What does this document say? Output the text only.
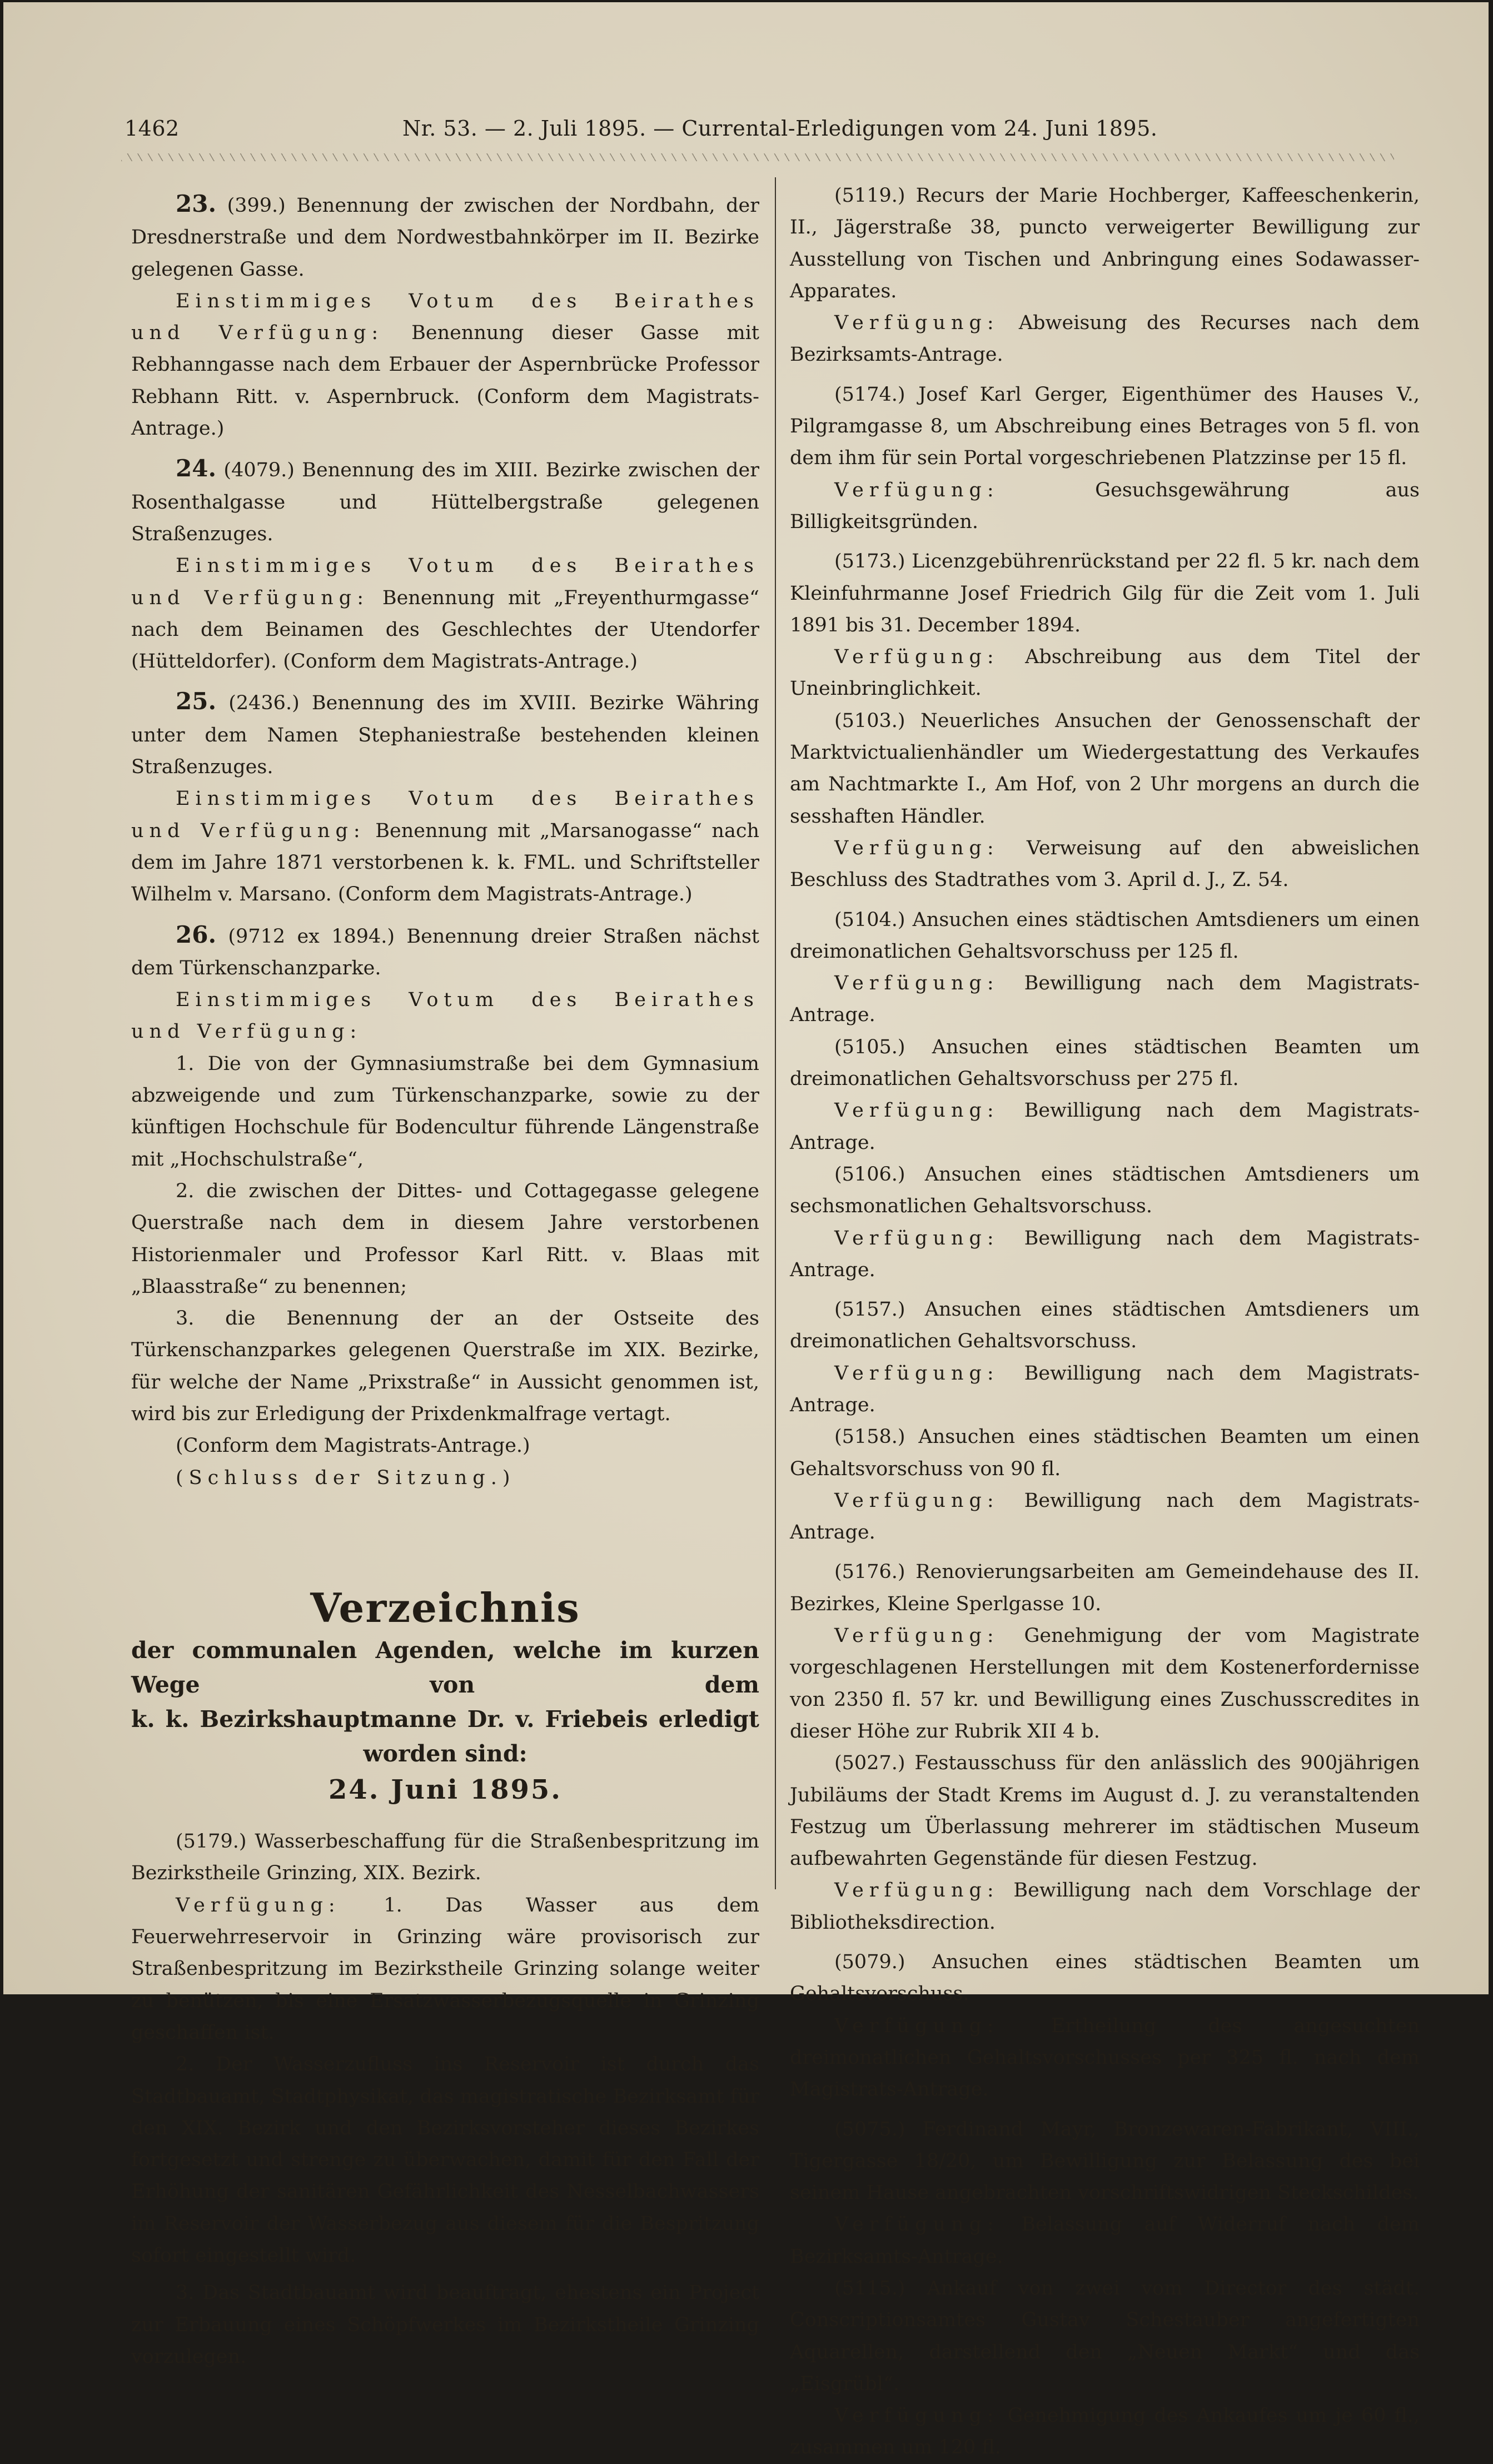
1462	Nr. 53. — 2. Juli 1895. — Currental-Erledigungen vom 24. Juni 1895.

23. (399.) Benennung der zwischen der Nordbahn, der Dresdnerstraße und dem Nordwestbahnkörper im II. Bezirke gelegenen Gasse.

Einstimmiges Votum des Beirathes und Verfügung: Benennung dieser Gasse mit Rebhanngasse nach dem Erbauer der Aspernbrücke Professor Rebhann Ritt. v. Aspernbruck. (Conform dem Magistrats-Antrage.)

24. (4079.) Benennung des im XIII. Bezirke zwischen der Rosenthalgasse und Hüttelbergstraße gelegenen Straßenzuges.

Einstimmiges Votum des Beirathes und Verfügung: Benennung mit „Freyenthurmgasse“ nach dem Beinamen des Geschlechtes der Utendorfer (Hütteldorfer). (Conform dem Magistrats-Antrage.)

25. (2436.) Benennung des im XVIII. Bezirke Währing unter dem Namen Stephaniestraße bestehenden kleinen Straßenzuges.

Einstimmiges Votum des Beirathes und Verfügung: Benennung mit „Marsanogasse“ nach dem im Jahre 1871 verstorbenen k. k. FML. und Schriftsteller Wilhelm v. Marsano. (Conform dem Magistrats-Antrage.)

26. (9712 ex 1894.) Benennung dreier Straßen nächst dem Türkenschanzparke.

Einstimmiges Votum des Beirathes und Verfügung:

1. Die von der Gymnasiumstraße bei dem Gymnasium abzweigende und zum Türkenschanzparke, sowie zu der künftigen Hochschule für Bodencultur führende Längenstraße mit „Hochschulstraße“,

2. die zwischen der Dittes- und Cottagegasse gelegene Querstraße nach dem in diesem Jahre verstorbenen Historienmaler und Professor Karl Ritt. v. Blaas mit „Blaasstraße“ zu benennen;

3. die Benennung der an der Ostseite des Türkenschanzparkes gelegenen Querstraße im XIX. Bezirke, für welche der Name „Prixstraße“ in Aussicht genommen ist, wird bis zur Erledigung der Prixdenkmalfrage vertagt.

(Conform dem Magistrats-Antrage.)

(Schluss der Sitzung.)

Verzeichnis
der communalen Agenden, welche im kurzen Wege von dem
k. k. Bezirkshauptmanne Dr. v. Friebeis erledigt worden sind:
24. Juni 1895.

(5179.) Wasserbeschaffung für die Straßenbespritzung im Bezirkstheile Grinzing, XIX. Bezirk.

Verfügung: 1. Das Wasser aus dem Feuerwehrreservoir in Grinzing wäre provisorisch zur Straßenbespritzung im Bezirkstheile Grinzing solange weiter zu benützen, bis eine Ersatzwasserbezugsquelle in Grinzing geschaffen ist.

2. Der Wasserzufluss ins Reservoir ist durch das Stadtbauamt, Stadtphysikat, das magistratische Bezirksamt für den XIX. Bezirk und den Bezirksvorsteher dieses Bezirkes fortgesetzt und strenge zu überwachen, damit für den Fall der Erhöhung der sanitären Gefährlichkeit des Nesselbachwassers im Reservoir der Wasserbezug aus diesem für die Bespritzung sofort eingestellt wird.

3. Das Stadtbauamt wird beauftragt, ehestens ein Project zur Erbauung eines Schöpfwerkes im Bezirkstheile Grinzing vorzulegen.

(5119.) Recurs der Marie Hochberger, Kaffeeschenkerin, II., Jägerstraße 38, puncto verweigerter Bewilligung zur Ausstellung von Tischen und Anbringung eines Sodawasser-Apparates.

Verfügung: Abweisung des Recurses nach dem Bezirksamts-Antrage.

(5174.) Josef Karl Gerger, Eigenthümer des Hauses V., Pilgramgasse 8, um Abschreibung eines Betrages von 5 fl. von dem ihm für sein Portal vorgeschriebenen Platzzinse per 15 fl.

Verfügung:	Gesuchsgewährung aus Billigkeitsgründen.

(5173.) Licenzgebührenrückstand per 22 fl. 5 kr. nach dem Kleinfuhrmanne Josef Friedrich Gilg für die Zeit vom 1. Juli 1891 bis 31. December 1894.

Verfügung: Abschreibung aus dem Titel der Uneinbringlichkeit.

(5103.) Neuerliches Ansuchen der Genossenschaft der Marktvictualienhändler um Wiedergestattung des Verkaufes am Nachtmarkte I., Am Hof, von 2 Uhr morgens an durch die sesshaften Händler.

Verfügung: Verweisung auf den abweislichen Beschluss des Stadtrathes vom 3. April d. J., Z. 54.

(5104.) Ansuchen eines städtischen Amtsdieners um einen dreimonatlichen Gehaltsvorschuss per 125 fl.

Verfügung: Bewilligung nach dem Magistrats-Antrage.

(5105.) Ansuchen eines städtischen Beamten um dreimonatlichen Gehaltsvorschuss per 275 fl.

Verfügung: Bewilligung nach dem Magistrats-Antrage.

(5106.) Ansuchen eines städtischen Amtsdieners um sechsmonatlichen Gehaltsvorschuss.

Verfügung: Bewilligung nach dem Magistrats-Antrage.

(5157.) Ansuchen eines städtischen Amtsdieners um dreimonatlichen Gehaltsvorschuss.

Verfügung: Bewilligung nach dem Magistrats-Antrage.

(5158.) Ansuchen eines städtischen Beamten um einen Gehaltsvorschuss von 90 fl.

Verfügung: Bewilligung nach dem Magistrats-Antrage.

(5176.) Renovierungsarbeiten am Gemeindehause des II. Bezirkes, Kleine Sperlgasse 10.

Verfügung: Genehmigung der vom Magistrate vorgeschlagenen Herstellungen mit dem Kostenerfordernisse von 2350 fl. 57 kr. und Bewilligung eines Zuschusscredites in dieser Höhe zur Rubrik XII 4 b.

(5027.) Festausschuss für den anlässlich des 900jährigen Jubiläums der Stadt Krems im August d. J. zu veranstaltenden Festzug um Überlassung mehrerer im städtischen Museum aufbewahrten Gegenstände für diesen Festzug.

Verfügung: Bewilligung nach dem Vorschlage der Bibliotheksdirection.

(5079.) Ansuchen eines städtischen Beamten um Gehaltsvorschuss.

Verfügung:	Ertheilung des angesuchten dreimonatlichen Gehaltsvorschusses per 325 fl. nach dem Magistrats-Antrage.

(5075.) Ferdinand Mayr, Bronzewaren-Fabrikant, VIII., Tigergasse 18/20, um Bewilligung zur Belassung des bei seinem Hause angebrachten vorschriftswidrigen Steckschildes.

Verfügung: Belassung auf Widerruf nach dem Bezirksamts-Antrage.

(5115.) Ankauf von zwei vom Director des städt. Conscriptionsamtes Gustav Schestauber angefertigten Aquarellen, darstellend den „Neuen Markt“ und das „Eisgrübl“.

Verfügung: Genehmigung des Ankaufes um je 60 fl., zusammen um 120 fl.
